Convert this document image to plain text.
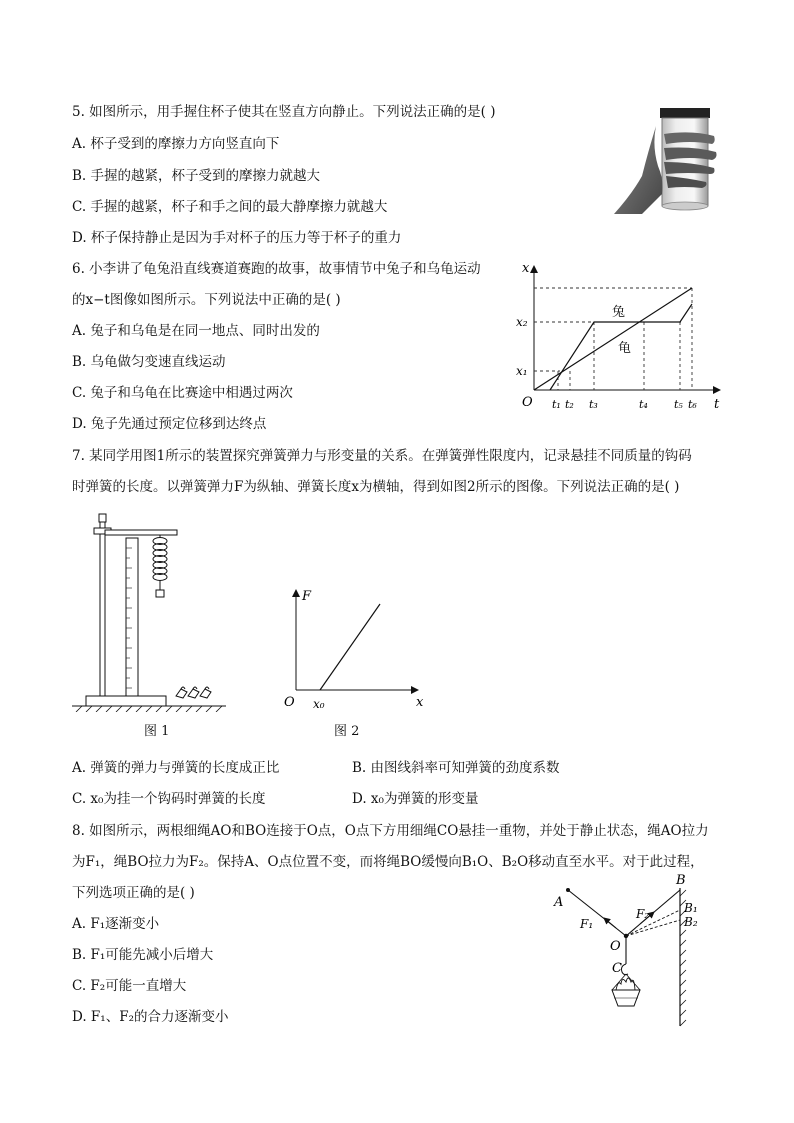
5. 如图所示，用手握住杯子使其在竖直方向静止。下列说法正确的是( )
A. 杯子受到的摩擦力方向竖直向下
B. 手握的越紧，杯子受到的摩擦力就越大
C. 手握的越紧，杯子和手之间的最大静摩擦力就越大
D. 杯子保持静止是因为手对杯子的压力等于杯子的重力
6. 小李讲了龟兔沿直线赛道赛跑的故事，故事情节中兔子和乌龟运动
的x−t图像如图所示。下列说法中正确的是( )
A. 兔子和乌龟是在同一地点、同时出发的
B. 乌龟做匀变速直线运动
C. 兔子和乌龟在比赛途中相遇过两次
D. 兔子先通过预定位移到达终点
x
t
O
兔
龟
x₂
x₁
t₁ t₂ t₃	t₄ t₅ t₆
7. 某同学用图1所示的装置探究弹簧弹力与形变量的关系。在弹簧弹性限度内，记录悬挂不同质量的钩码
时弹簧的长度。以弹簧弹力F为纵轴、弹簧长度x为横轴，得到如图2所示的图像。下列说法正确的是( )
图 1
F
x
O x₀
图 2
A. 弹簧的弹力与弹簧的长度成正比	B. 由图线斜率可知弹簧的劲度系数
C. x₀为挂一个钩码时弹簧的长度	D. x₀为弹簧的形变量
8. 如图所示，两根细绳AO和BO连接于O点，O点下方用细绳CO悬挂一重物，并处于静止状态，绳AO拉力
为F₁，绳BO拉力为F₂。保持A、O点位置不变，而将绳BO缓慢向B₁O、B₂O移动直至水平。对于此过程，
下列选项正确的是( )
A. F₁逐渐变小
B. F₁可能先减小后增大
C. F₂可能一直增大
D. F₁、F₂的合力逐渐变小
A
B
B₁
B₂
O
C
F₁
F₂
